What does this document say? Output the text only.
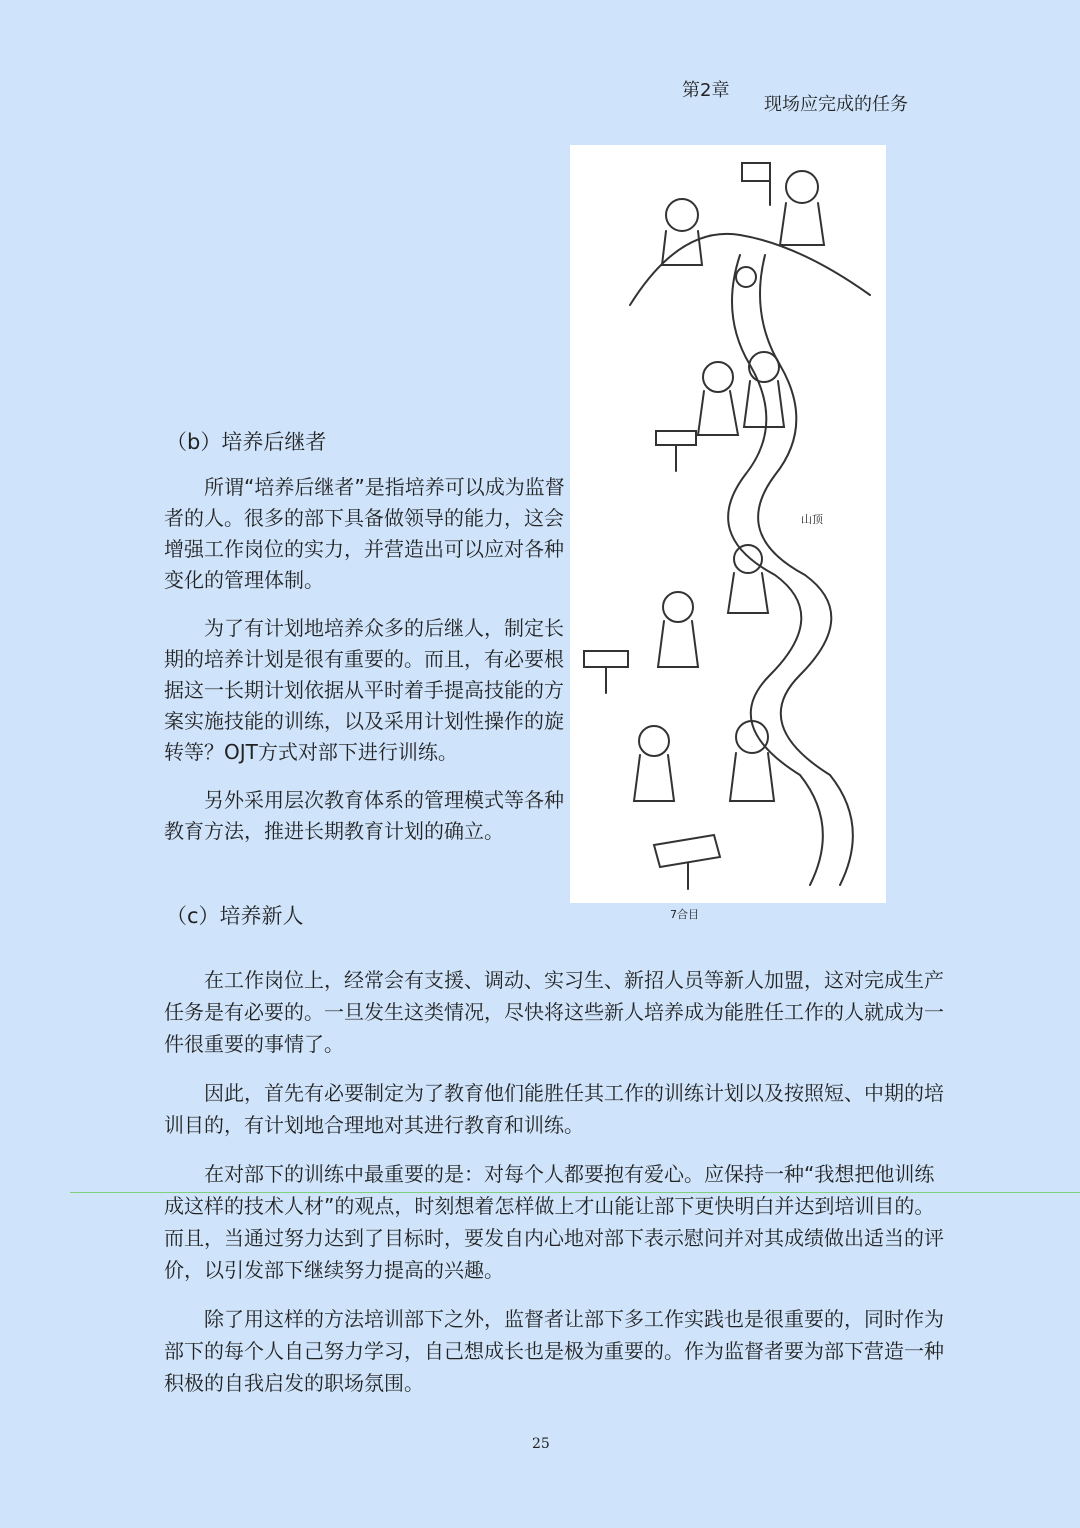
第2章
现场应完成的任务
山顶
7合目
（b）培养后继者

所谓“培养后继者”是指培养可以成为监督者的人。很多的部下具备做领导的能力，这会增强工作岗位的实力，并营造出可以应对各种变化的管理体制。

为了有计划地培养众多的后继人，制定长期的培养计划是很有重要的。而且，有必要根据这一长期计划依据从平时着手提高技能的方案实施技能的训练，以及采用计划性操作的旋转等？OJT方式对部下进行训练。

另外采用层次教育体系的管理模式等各种教育方法，推进长期教育计划的确立。

（c）培养新人

在工作岗位上，经常会有支援、调动、实习生、新招人员等新人加盟，这对完成生产任务是有必要的。一旦发生这类情况，尽快将这些新人培养成为能胜任工作的人就成为一件很重要的事情了。

因此，首先有必要制定为了教育他们能胜任其工作的训练计划以及按照短、中期的培训目的，有计划地合理地对其进行教育和训练。

在对部下的训练中最重要的是：对每个人都要抱有爱心。应保持一种“我想把他训练成这样的技术人材”的观点，时刻想着怎样做上才山能让部下更快明白并达到培训目的。而且，当通过努力达到了目标时，要发自内心地对部下表示慰问并对其成绩做出适当的评价，以引发部下继续努力提高的兴趣。

除了用这样的方法培训部下之外，监督者让部下多工作实践也是很重要的，同时作为部下的每个人自己努力学习，自己想成长也是极为重要的。作为监督者要为部下营造一种积极的自我启发的职场氛围。

25
